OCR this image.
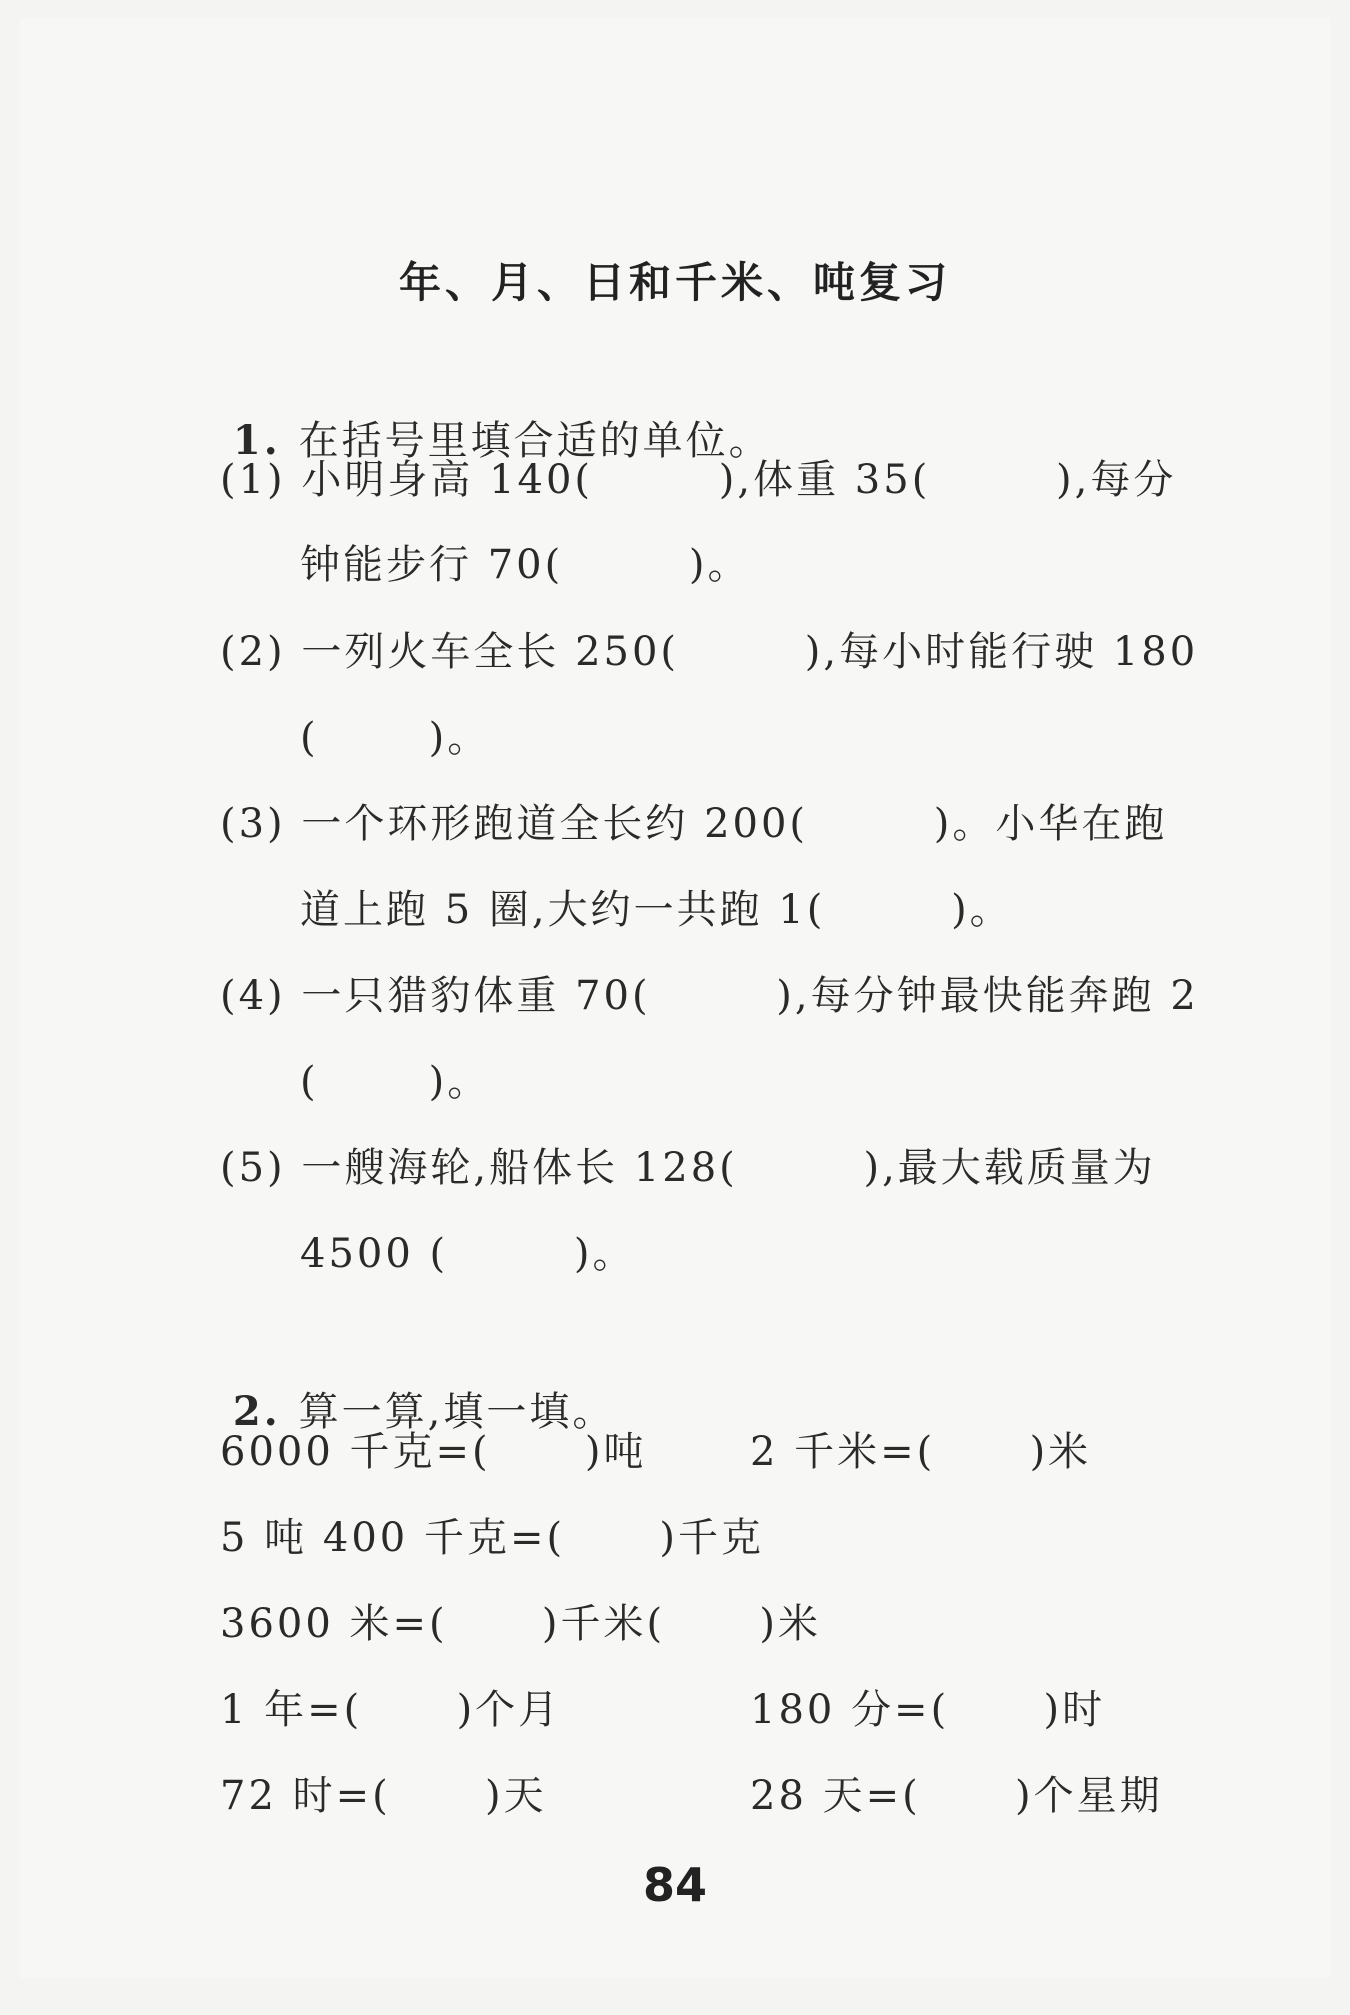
年、月、日和千米、吨复习

1. 在括号里填合适的单位。

(1) 小明身高 140(        ),体重 35(        ),每分
钟能步行 70(        )。
(2) 一列火车全长 250(        ),每小时能行驶 180
(       )。
(3) 一个环形跑道全长约 200(        )。小华在跑
道上跑 5 圈,大约一共跑 1(        )。
(4) 一只猎豹体重 70(        ),每分钟最快能奔跑 2
(       )。
(5) 一艘海轮,船体长 128(        ),最大载质量为
4500 (        )。

2. 算一算,填一填。

6000 千克=(      )吨	2 千米=(      )米
5 吨 400 千克=(      )千克
3600 米=(      )千米(      )米
1 年=(      )个月	180 分=(      )时
72 时=(      )天	28 天=(      )个星期
84
